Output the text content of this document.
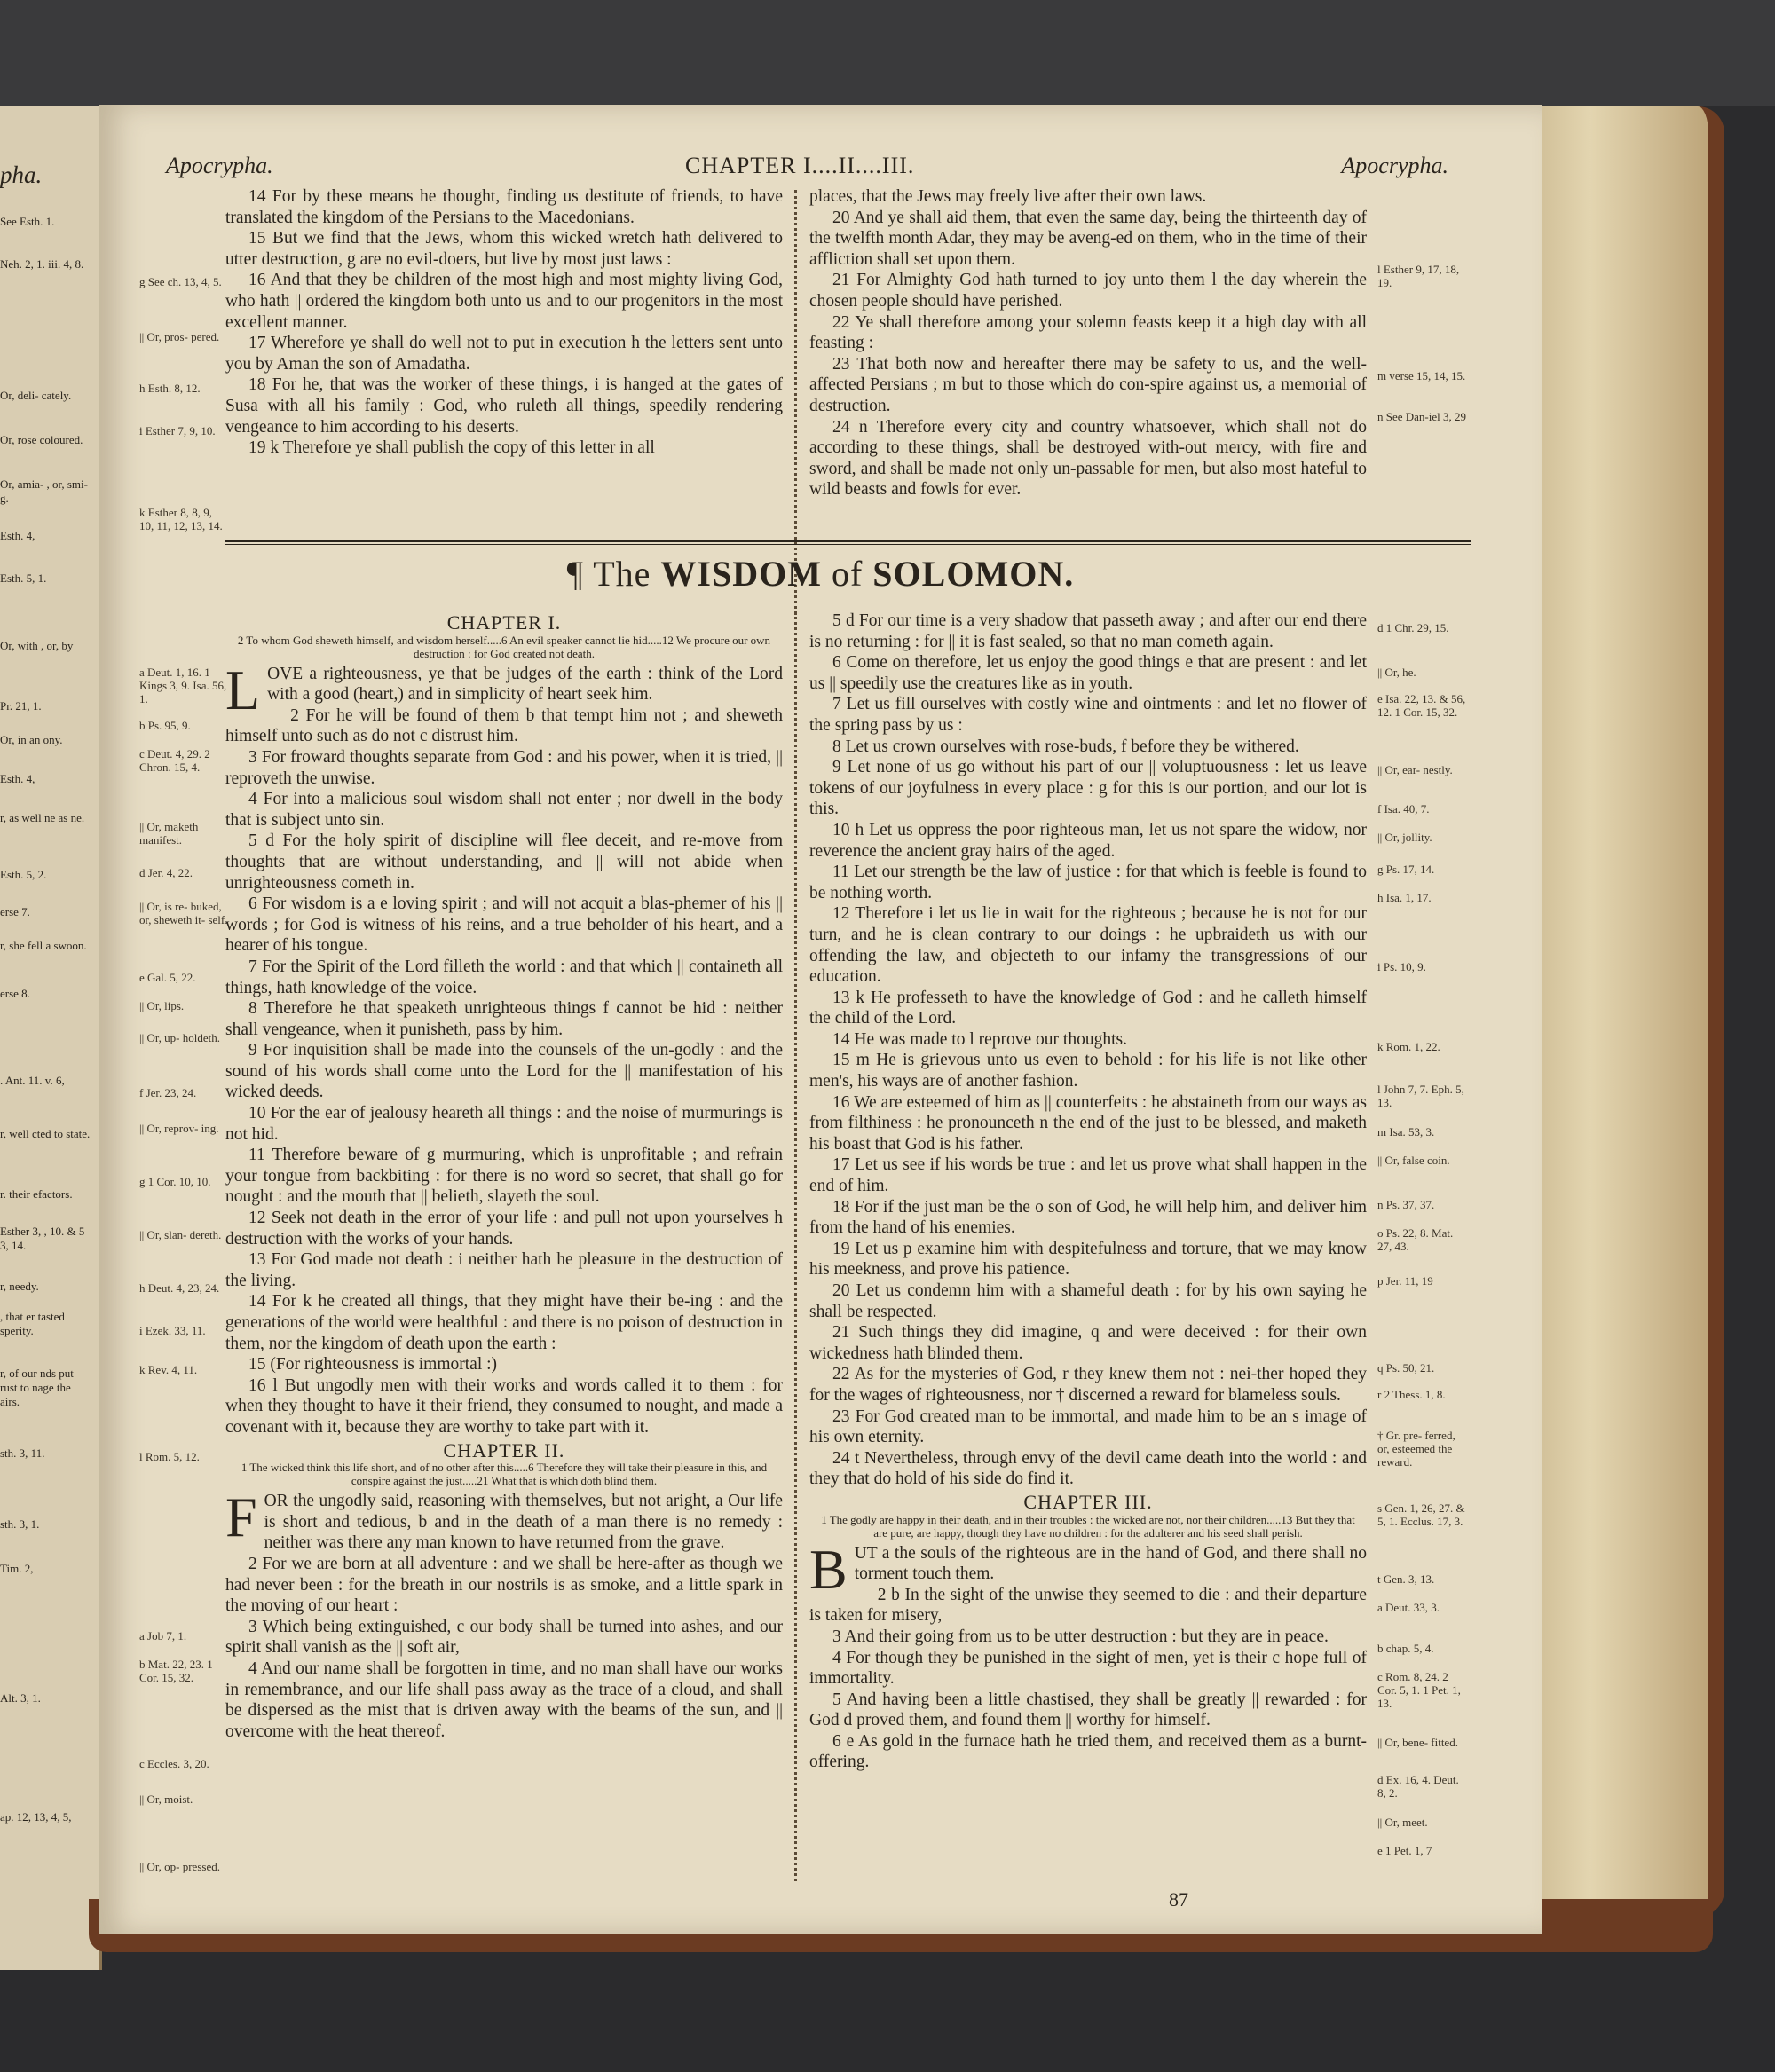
pha.
See Esth. 1.
Neh. 2, 1. iii. 4, 8.
Or, deli- cately.
Or, rose coloured.
Or, amia- , or, smi- g.
Esth. 4,
Esth. 5, 1.
Or, with , or, by
Pr. 21, 1.
Or, in an ony.
Esth. 4,
r, as well ne as ne.
Esth. 5, 2.
erse 7.
r, she fell a swoon.
erse 8.
. Ant. 11. v. 6,
r, well cted to state.
r. their efactors.
Esther 3, , 10. & 5 3, 14.
r, needy.
, that er tasted sperity.
r, of our nds put rust to nage the airs.
sth. 3, 11.
sth. 3, 1.
Tim. 2,
Alt. 3, 1.
ap. 12, 13, 4, 5,
Apocrypha.	CHAPTER I....II....III.	Apocrypha.
g See ch. 13, 4, 5.
|| Or, pros- pered.
h Esth. 8, 12.
i Esther 7, 9, 10.
k Esther 8, 8, 9, 10, 11, 12, 13, 14.

14 For by these means he thought, finding us destitute of friends, to have translated the kingdom of the Persians to the Macedonians.

15 But we find that the Jews, whom this wicked wretch hath delivered to utter destruction, g are no evil-doers, but live by most just laws :

16 And that they be children of the most high and most mighty living God, who hath || ordered the kingdom both unto us and to our progenitors in the most excellent manner.

17 Wherefore ye shall do well not to put in execution h the letters sent unto you by Aman the son of Amadatha.

18 For he, that was the worker of these things, i is hanged at the gates of Susa with all his family : God, who ruleth all things, speedily rendering vengeance to him according to his deserts.

19 k Therefore ye shall publish the copy of this letter in all

places, that the Jews may freely live after their own laws.

20 And ye shall aid them, that even the same day, being the thirteenth day of the twelfth month Adar, they may be aveng-ed on them, who in the time of their affliction shall set upon them.

21 For Almighty God hath turned to joy unto them l the day wherein the chosen people should have perished.

22 Ye shall therefore among your solemn feasts keep it a high day with all feasting :

23 That both now and hereafter there may be safety to us, and the well-affected Persians ; m but to those which do con-spire against us, a memorial of destruction.

24 n Therefore every city and country whatsoever, which shall not do according to these things, shall be destroyed with-out mercy, with fire and sword, and shall be made not only un-passable for men, but also most hateful to wild beasts and fowls for ever.

l Esther 9, 17, 18, 19.
m verse 15, 14, 15.
n See Dan-iel 3, 29
¶ The WISDOM of SOLOMON.
CHAPTER I.
2 To whom God sheweth himself, and wisdom herself.....6 An evil speaker cannot lie hid.....12 We procure our own destruction : for God created not death.

LOVE a righteousness, ye that be judges of the earth : think of the Lord with a good (heart,) and in simplicity of heart seek him.

2 For he will be found of them b that tempt him not ; and sheweth himself unto such as do not c distrust him.

3 For froward thoughts separate from God : and his power, when it is tried, || reproveth the unwise.

4 For into a malicious soul wisdom shall not enter ; nor dwell in the body that is subject unto sin.

5 d For the holy spirit of discipline will flee deceit, and re-move from thoughts that are without understanding, and || will not abide when unrighteousness cometh in.

6 For wisdom is a e loving spirit ; and will not acquit a blas-phemer of his || words ; for God is witness of his reins, and a true beholder of his heart, and a hearer of his tongue.

7 For the Spirit of the Lord filleth the world : and that which || containeth all things, hath knowledge of the voice.

8 Therefore he that speaketh unrighteous things f cannot be hid : neither shall vengeance, when it punisheth, pass by him.

9 For inquisition shall be made into the counsels of the un-godly : and the sound of his words shall come unto the Lord for the || manifestation of his wicked deeds.

10 For the ear of jealousy heareth all things : and the noise of murmurings is not hid.

11 Therefore beware of g murmuring, which is unprofitable ; and refrain your tongue from backbiting : for there is no word so secret, that shall go for nought : and the mouth that || belieth, slayeth the soul.

12 Seek not death in the error of your life : and pull not upon yourselves h destruction with the works of your hands.

13 For God made not death : i neither hath he pleasure in the destruction of the living.

14 For k he created all things, that they might have their be-ing : and the generations of the world were healthful : and there is no poison of destruction in them, nor the kingdom of death upon the earth :

15 (For righteousness is immortal :)

16 l But ungodly men with their works and words called it to them : for when they thought to have it their friend, they consumed to nought, and made a covenant with it, because they are worthy to take part with it.

CHAPTER II.
1 The wicked think this life short, and of no other after this.....6 Therefore they will take their pleasure in this, and conspire against the just.....21 What that is which doth blind them.

FOR the ungodly said, reasoning with themselves, but not aright, a Our life is short and tedious, b and in the death of a man there is no remedy : neither was there any man known to have returned from the grave.

2 For we are born at all adventure : and we shall be here-after as though we had never been : for the breath in our nostrils is as smoke, and a little spark in the moving of our heart :

3 Which being extinguished, c our body shall be turned into ashes, and our spirit shall vanish as the || soft air,

4 And our name shall be forgotten in time, and no man shall have our works in remembrance, and our life shall pass away as the trace of a cloud, and shall be dispersed as the mist that is driven away with the beams of the sun, and || overcome with the heat thereof.

5 d For our time is a very shadow that passeth away ; and after our end there is no returning : for || it is fast sealed, so that no man cometh again.

6 Come on therefore, let us enjoy the good things e that are present : and let us || speedily use the creatures like as in youth.

7 Let us fill ourselves with costly wine and ointments : and let no flower of the spring pass by us :

8 Let us crown ourselves with rose-buds, f before they be withered.

9 Let none of us go without his part of our || voluptuousness : let us leave tokens of our joyfulness in every place : g for this is our portion, and our lot is this.

10 h Let us oppress the poor righteous man, let us not spare the widow, nor reverence the ancient gray hairs of the aged.

11 Let our strength be the law of justice : for that which is feeble is found to be nothing worth.

12 Therefore i let us lie in wait for the righteous ; because he is not for our turn, and he is clean contrary to our doings : he upbraideth us with our offending the law, and objecteth to our infamy the transgressions of our education.

13 k He professeth to have the knowledge of God : and he calleth himself the child of the Lord.

14 He was made to l reprove our thoughts.

15 m He is grievous unto us even to behold : for his life is not like other men's, his ways are of another fashion.

16 We are esteemed of him as || counterfeits : he abstaineth from our ways as from filthiness : he pronounceth n the end of the just to be blessed, and maketh his boast that God is his father.

17 Let us see if his words be true : and let us prove what shall happen in the end of him.

18 For if the just man be the o son of God, he will help him, and deliver him from the hand of his enemies.

19 Let us p examine him with despitefulness and torture, that we may know his meekness, and prove his patience.

20 Let us condemn him with a shameful death : for by his own saying he shall be respected.

21 Such things they did imagine, q and were deceived : for their own wickedness hath blinded them.

22 As for the mysteries of God, r they knew them not : nei-ther hoped they for the wages of righteousness, nor † discerned a reward for blameless souls.

23 For God created man to be immortal, and made him to be an s image of his own eternity.

24 t Nevertheless, through envy of the devil came death into the world : and they that do hold of his side do find it.

CHAPTER III.
1 The godly are happy in their death, and in their troubles : the wicked are not, nor their children.....13 But they that are pure, are happy, though they have no children : for the adulterer and his seed shall perish.

BUT a the souls of the righteous are in the hand of God, and there shall no torment touch them.

2 b In the sight of the unwise they seemed to die : and their departure is taken for misery,

3 And their going from us to be utter destruction : but they are in peace.

4 For though they be punished in the sight of men, yet is their c hope full of immortality.

5 And having been a little chastised, they shall be greatly || rewarded : for God d proved them, and found them || worthy for himself.

6 e As gold in the furnace hath he tried them, and received them as a burnt-offering.

a Deut. 1, 16. 1 Kings 3, 9. Isa. 56, 1.
b Ps. 95, 9.
c Deut. 4, 29. 2 Chron. 15, 4.
|| Or, maketh manifest.
d Jer. 4, 22.
|| Or, is re- buked, or, sheweth it- self.
e Gal. 5, 22.
|| Or, lips.
|| Or, up- holdeth.
f Jer. 23, 24.
|| Or, reprov- ing.
g 1 Cor. 10, 10.
|| Or, slan- dereth.
h Deut. 4, 23, 24.
i Ezek. 33, 11.
k Rev. 4, 11.
l Rom. 5, 12.
a Job 7, 1.
b Mat. 22, 23. 1 Cor. 15, 32.
c Eccles. 3, 20.
|| Or, moist.
|| Or, op- pressed.
d 1 Chr. 29, 15.
|| Or, he.
e Isa. 22, 13. & 56, 12. 1 Cor. 15, 32.
|| Or, ear- nestly.
f Isa. 40, 7.
|| Or, jollity.
g Ps. 17, 14.
h Isa. 1, 17.
i Ps. 10, 9.
k Rom. 1, 22.
l John 7, 7. Eph. 5, 13.
m Isa. 53, 3.
|| Or, false coin.
n Ps. 37, 37.
o Ps. 22, 8. Mat. 27, 43.
p Jer. 11, 19
q Ps. 50, 21.
r 2 Thess. 1, 8.
† Gr. pre- ferred, or, esteemed the reward.
s Gen. 1, 26, 27. & 5, 1. Ecclus. 17, 3.
t Gen. 3, 13.
a Deut. 33, 3.
b chap. 5, 4.
c Rom. 8, 24. 2 Cor. 5, 1. 1 Pet. 1, 13.
|| Or, bene- fitted.
d Ex. 16, 4. Deut. 8, 2.
|| Or, meet.
e 1 Pet. 1, 7
87
